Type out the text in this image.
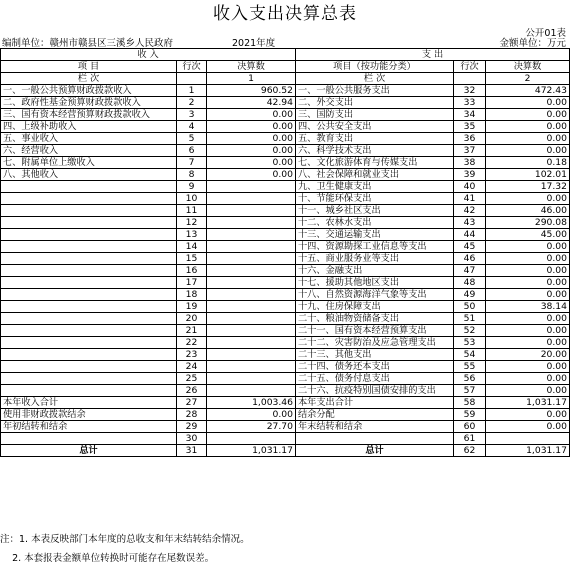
收入支出决算总表
公开01表
编制单位：赣州市赣县区三溪乡人民政府	2021年度	金额单位：万元
收 入			支 出		
项 目	行次	决算数	项目（按功能分类）	行次	决算数
栏 次		1	栏 次		2
一、一般公共预算财政拨款收入	1	960.52	一、一般公共服务支出	32	472.43
二、政府性基金预算财政拨款收入	2	42.94	二、外交支出	33	0.00
三、国有资本经营预算财政拨款收入	3	0.00	三、国防支出	34	0.00
四、上级补助收入	4	0.00	四、公共安全支出	35	0.00
五、事业收入	5	0.00	五、教育支出	36	0.00
六、经营收入	6	0.00	六、科学技术支出	37	0.00
七、附属单位上缴收入	7	0.00	七、文化旅游体育与传媒支出	38	0.18
八、其他收入	8	0.00	八、社会保障和就业支出	39	102.01
	9		九、卫生健康支出	40	17.32
	10		十、节能环保支出	41	0.00
	11		十一、城乡社区支出	42	46.00
	12		十二、农林水支出	43	290.08
	13		十三、交通运输支出	44	45.00
	14		十四、资源勘探工业信息等支出	45	0.00
	15		十五、商业服务业等支出	46	0.00
	16		十六、金融支出	47	0.00
	17		十七、援助其他地区支出	48	0.00
	18		十八、自然资源海洋气象等支出	49	0.00
	19		十九、住房保障支出	50	38.14
	20		二十、粮油物资储备支出	51	0.00
	21		二十一、国有资本经营预算支出	52	0.00
	22		二十二、灾害防治及应急管理支出	53	0.00
	23		二十三、其他支出	54	20.00
	24		二十四、债务还本支出	55	0.00
	25		二十五、债务付息支出	56	0.00
	26		二十六、抗疫特别国债安排的支出	57	0.00
本年收入合计	27	1,003.46	本年支出合计	58	1,031.17
使用非财政拨款结余	28	0.00	结余分配	59	0.00
年初结转和结余	29	27.70	年末结转和结余	60	0.00
	30			61	
总计	31	1,031.17	总计	62	1,031.17
注：1. 本表反映部门本年度的总收支和年末结转结余情况。
2. 本套报表金额单位转换时可能存在尾数误差。
